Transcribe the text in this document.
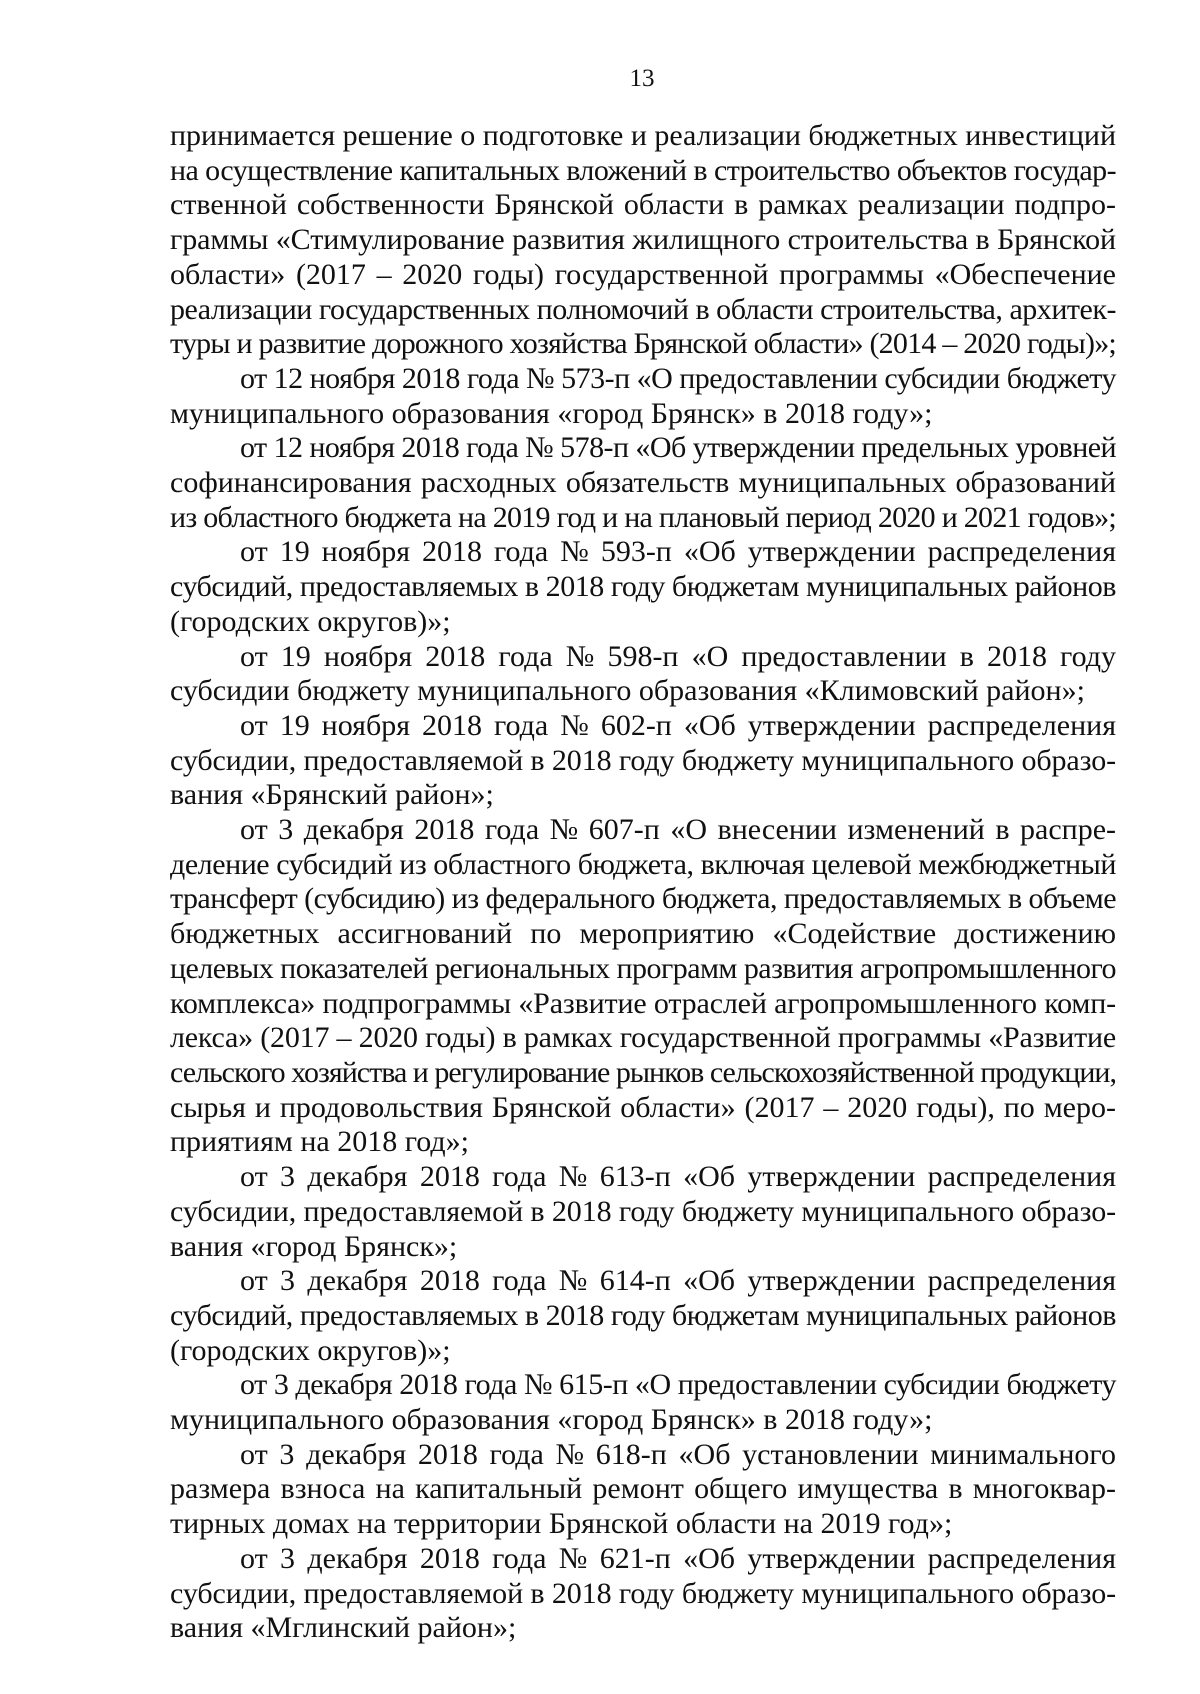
13

принимается решение о подготовке и реализации бюджетных инвестиций
на осуществление капитальных вложений в строительство объектов государ-
ственной собственности Брянской области в рамках реализации подпро-
граммы «Стимулирование развития жилищного строительства в Брянской
области» (2017 – 2020 годы) государственной программы «Обеспечение
реализации государственных полномочий в области строительства, архитек-
туры и развитие дорожного хозяйства Брянской области» (2014 – 2020 годы)»;

от 12 ноября 2018 года № 573-п «О предоставлении субсидии бюджету
муниципального образования «город Брянск» в 2018 году»;

от 12 ноября 2018 года № 578-п «Об утверждении предельных уровней
софинансирования расходных обязательств муниципальных образований
из областного бюджета на 2019 год и на плановый период 2020 и 2021 годов»;

от 19 ноября 2018 года № 593-п «Об утверждении распределения
субсидий, предоставляемых в 2018 году бюджетам муниципальных районов
(городских округов)»;

от 19 ноября 2018 года № 598-п «О предоставлении в 2018 году
субсидии бюджету муниципального образования «Климовский район»;

от 19 ноября 2018 года № 602-п «Об утверждении распределения
субсидии, предоставляемой в 2018 году бюджету муниципального образо-
вания «Брянский район»;

от 3 декабря 2018 года № 607-п «О внесении изменений в распре-
деление субсидий из областного бюджета, включая целевой межбюджетный
трансферт (субсидию) из федерального бюджета, предоставляемых в объеме
бюджетных ассигнований по мероприятию «Содействие достижению
целевых показателей региональных программ развития агропромышленного
комплекса» подпрограммы «Развитие отраслей агропромышленного комп-
лекса» (2017 – 2020 годы) в рамках государственной программы «Развитие
сельского хозяйства и регулирование рынков сельскохозяйственной продукции,
сырья и продовольствия Брянской области» (2017 – 2020 годы), по меро-
приятиям на 2018 год»;

от 3 декабря 2018 года № 613-п «Об утверждении распределения
субсидии, предоставляемой в 2018 году бюджету муниципального образо-
вания «город Брянск»;

от 3 декабря 2018 года № 614-п «Об утверждении распределения
субсидий, предоставляемых в 2018 году бюджетам муниципальных районов
(городских округов)»;

от 3 декабря 2018 года № 615-п «О предоставлении субсидии бюджету
муниципального образования «город Брянск» в 2018 году»;

от 3 декабря 2018 года № 618-п «Об установлении минимального
размера взноса на капитальный ремонт общего имущества в многоквар-
тирных домах на территории Брянской области на 2019 год»;

от 3 декабря 2018 года № 621-п «Об утверждении распределения
субсидии, предоставляемой в 2018 году бюджету муниципального образо-
вания «Мглинский район»;
